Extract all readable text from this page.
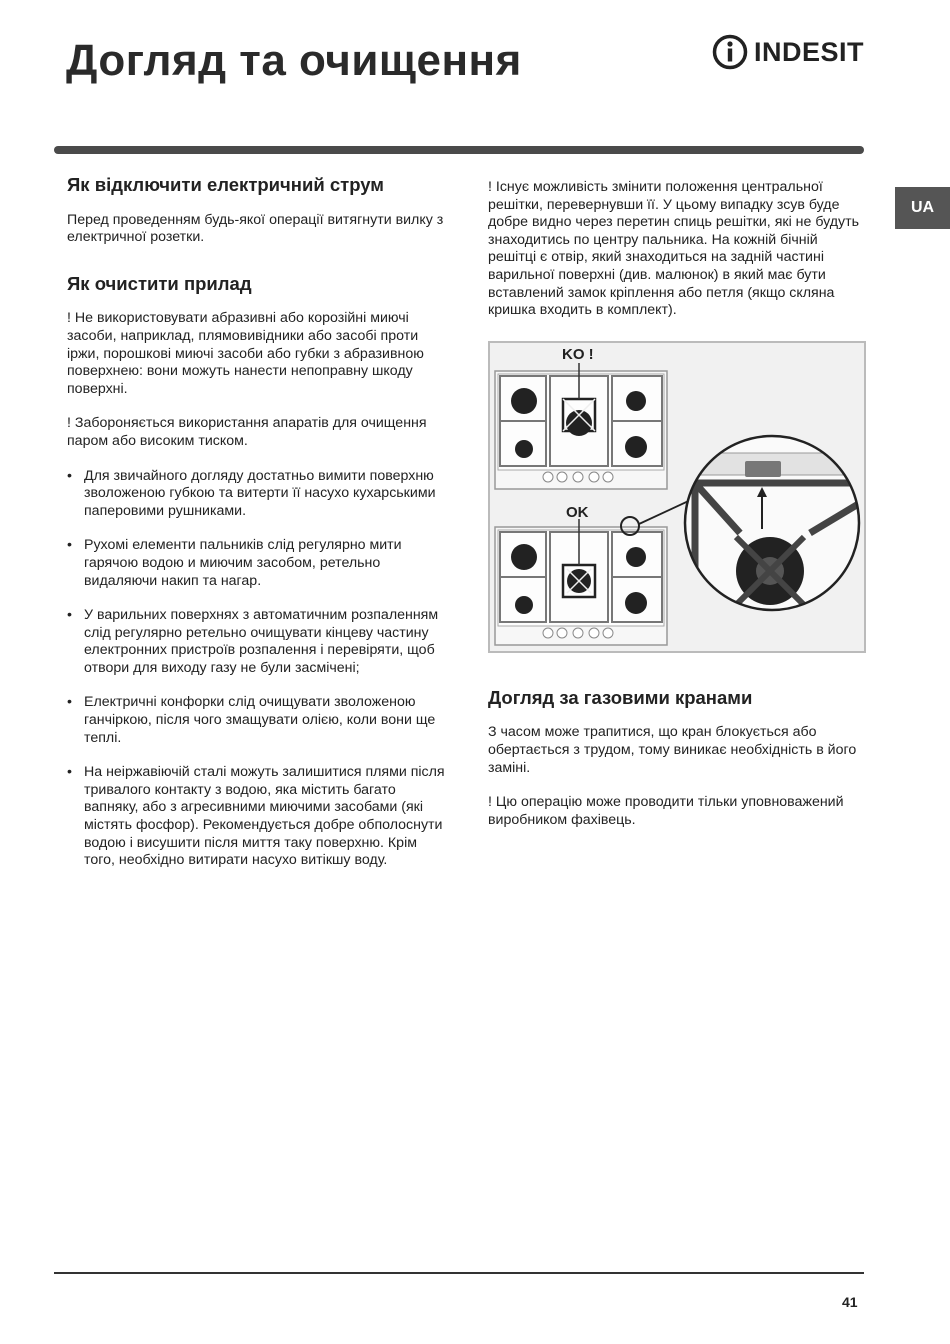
Догляд та очищення	INDESIT
UA
Як відключити електричний струм

Перед проведенням будь-якої операції витягнути вилку з електричної розетки.

Як очистити прилад

! Не використовувати абразивні або корозійні миючі засоби, наприклад, плямовивідники або засобі проти іржи, порошкові миючі засоби або губки з абразивною поверхнею: вони можуть нанести непоправну шкоду поверхні.

! Забороняється використання апаратів для очищення паром або високим тиском.

• Для звичайного догляду достатньо вимити поверхню зволоженою губкою та витерти її насухо кухарськими паперовими рушниками.
• Рухомі елементи пальників слід регулярно мити гарячою водою и миючим засобом, ретельно видаляючи накип та нагар.
• У варильних поверхнях з автоматичним розпаленням слід регулярно ретельно очищувати кінцеву частину електронних пристроїв розпалення і перевіряти, щоб отвори для виходу газу не були засмічені;
• Електричні конфорки слід очищувати зволоженою ганчіркою, після чого змащувати олією, коли вони ще теплі.
• На неіржавіючій сталі можуть залишитися плями після тривалого контакту з водою, яка містить багато вапняку, або з агресивними миючими засобами (які містять фосфор). Рекомендується добре обполоснути водою і висушити після миття таку поверхню. Крім того, необхідно витирати насухо витікшу воду.

! Існує можливість змінити положення центральної решітки, перевернувши її. У цьому випадку зсув буде добре видно через перетин спиць решітки, які не будуть знаходитись по центру пальника. На кожній бічній решітці є отвір, який знаходиться на задній частині варильної поверхні (див. малюнок) в який має бути вставлений замок кріплення або петля (якщо скляна кришка входить в комплект).

KO !
OK
Догляд за газовими кранами

З часом може трапитися, що кран блокується або обертається з трудом, тому виникає необхідність в його заміні.

! Цю операцію може проводити тільки уповноважений виробником фахівець.

41
